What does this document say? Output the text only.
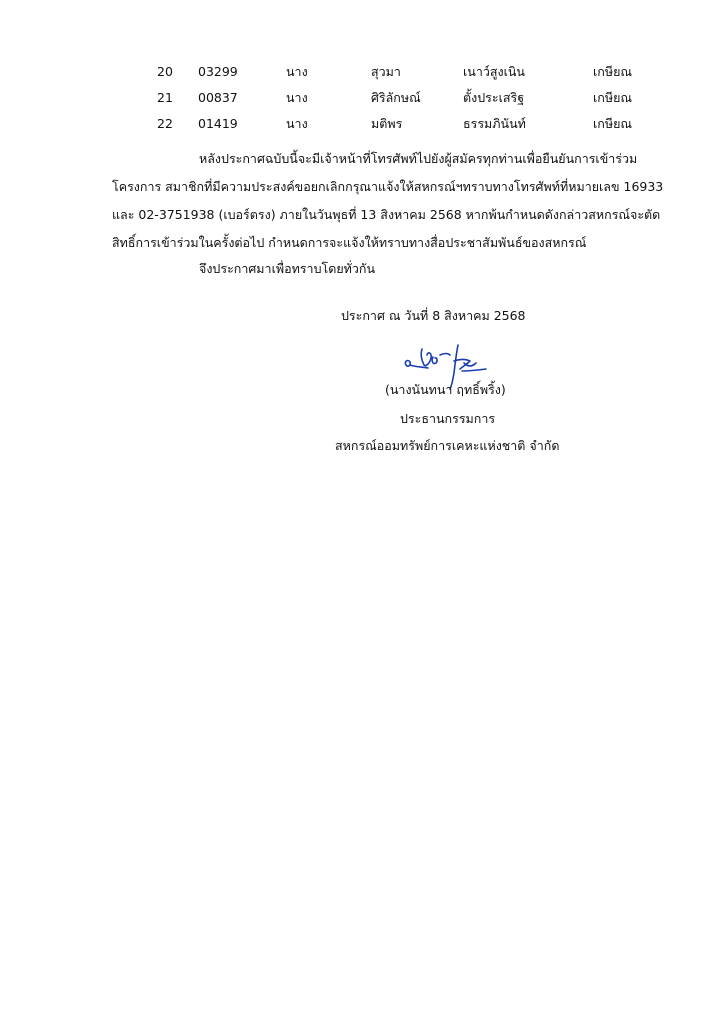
20 03299	นาง	สุวมา	เนาว์สูงเนิน	เกษียณ
21 00837	นาง	ศิริลักษณ์	ตั้งประเสริฐ	เกษียณ
22 01419	นาง	มติพร	ธรรมภินันท์	เกษียณ
หลังประกาศฉบับนี้จะมีเจ้าหน้าที่โทรศัพท์ไปยังผู้สมัครทุกท่านเพื่อยืนยันการเข้าร่วม
โครงการ สมาชิกที่มีความประสงค์ขอยกเลิกกรุณาแจ้งให้สหกรณ์ฯทราบทางโทรศัพท์ที่หมายเลข 16933
และ 02-3751938 (เบอร์ตรง) ภายในวันพุธที่ 13 สิงหาคม 2568 หากพ้นกำหนดดังกล่าวสหกรณ์จะตัด
สิทธิ์การเข้าร่วมในครั้งต่อไป กำหนดการจะแจ้งให้ทราบทางสื่อประชาสัมพันธ์ของสหกรณ์
จึงประกาศมาเพื่อทราบโดยทั่วกัน
ประกาศ ณ วันที่ 8 สิงหาคม 2568
(นางนันทนา ฤทธิ์พริ้ง)
ประธานกรรมการ
สหกรณ์ออมทรัพย์การเคหะแห่งชาติ จำกัด
